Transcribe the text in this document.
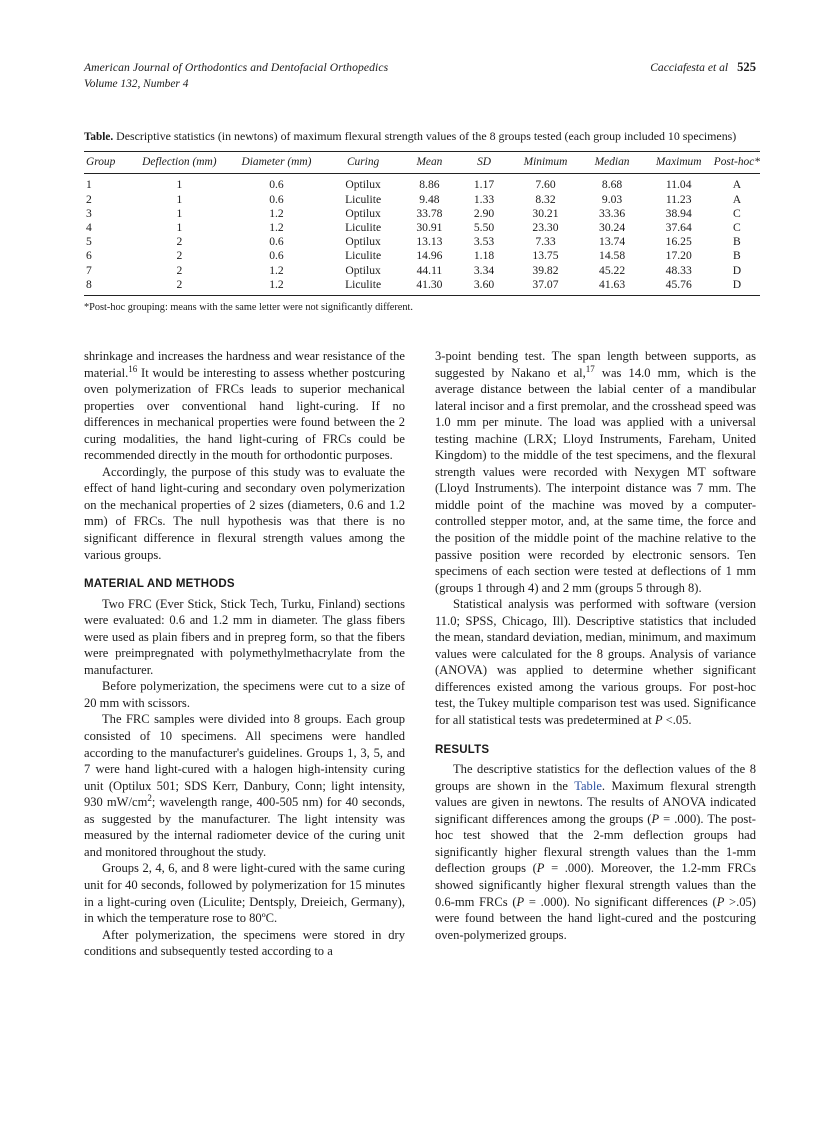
American Journal of Orthodontics and Dentofacial Orthopedics	Cacciafesta et al 525
Volume 132, Number 4
Table. Descriptive statistics (in newtons) of maximum flexural strength values of the 8 groups tested (each group included 10 specimens)
Group	Deflection (mm)	Diameter (mm)	Curing	Mean	SD	Minimum	Median	Maximum	Post-hoc*
1	1	0.6	Optilux	8.86	1.17	7.60	8.68	11.04	A
2	1	0.6	Liculite	9.48	1.33	8.32	9.03	11.23	A
3	1	1.2	Optilux	33.78	2.90	30.21	33.36	38.94	C
4	1	1.2	Liculite	30.91	5.50	23.30	30.24	37.64	C
5	2	0.6	Optilux	13.13	3.53	7.33	13.74	16.25	B
6	2	0.6	Liculite	14.96	1.18	13.75	14.58	17.20	B
7	2	1.2	Optilux	44.11	3.34	39.82	45.22	48.33	D
8	2	1.2	Liculite	41.30	3.60	37.07	41.63	45.76	D
*Post-hoc grouping: means with the same letter were not significantly different.

shrinkage and increases the hardness and wear resistance of the material.$^{16}$ It would be interesting to assess whether postcuring oven polymerization of FRCs leads to superior mechanical properties over conventional hand light-curing. If no differences in mechanical properties were found between the 2 curing modalities, the hand light-curing of FRCs could be recommended directly in the mouth for orthodontic purposes.

Accordingly, the purpose of this study was to evaluate the effect of hand light-curing and secondary oven polymerization on the mechanical properties of 2 sizes (diameters, 0.6 and 1.2 mm) of FRCs. The null hypothesis was that there is no significant difference in flexural strength values among the various groups.

MATERIAL AND METHODS

Two FRC (Ever Stick, Stick Tech, Turku, Finland) sections were evaluated: 0.6 and 1.2 mm in diameter. The glass fibers were used as plain fibers and in prepreg form, so that the fibers were preimpregnated with polymethylmethacrylate from the manufacturer.

Before polymerization, the specimens were cut to a size of 20 mm with scissors.

The FRC samples were divided into 8 groups. Each group consisted of 10 specimens. All specimens were handled according to the manufacturer's guidelines. Groups 1, 3, 5, and 7 were hand light-cured with a halogen high-intensity curing unit (Optilux 501; SDS Kerr, Danbury, Conn; light intensity, 930 $mW/cm^2$; wavelength range, 400-505 nm) for 40 seconds, as suggested by the manufacturer. The light intensity was measured by the internal radiometer device of the curing unit and monitored throughout the study.

Groups 2, 4, 6, and 8 were light-cured with the same curing unit for 40 seconds, followed by polymerization for 15 minutes in a light-curing oven (Liculite; Dentsply, Dreieich, Germany), in which the temperature rose to 80ºC.

After polymerization, the specimens were stored in dry conditions and subsequently tested according to a

3-point bending test. The span length between supports, as suggested by Nakano et al,$^{17}$ was 14.0 mm, which is the average distance between the labial center of a mandibular lateral incisor and a first premolar, and the crosshead speed was 1.0 mm per minute. The load was applied with a universal testing machine (LRX; Lloyd Instruments, Fareham, United Kingdom) to the middle of the test specimens, and the flexural strength values were recorded with Nexygen MT software (Lloyd Instruments). The interpoint distance was 7 mm. The middle point of the machine was moved by a computer-controlled stepper motor, and, at the same time, the force and the position of the middle point of the machine relative to the passive position were recorded by electronic sensors. Ten specimens of each section were tested at deflections of 1 mm (groups 1 through 4) and 2 mm (groups 5 through 8).

Statistical analysis was performed with software (version 11.0; SPSS, Chicago, Ill). Descriptive statistics that included the mean, standard deviation, median, minimum, and maximum values were calculated for the 8 groups. Analysis of variance (ANOVA) was applied to determine whether significant differences existed among the various groups. For post-hoc test, the Tukey multiple comparison test was used. Significance for all statistical tests was predetermined at P <.05.

RESULTS

The descriptive statistics for the deflection values of the 8 groups are shown in the Table. Maximum flexural strength values are given in newtons. The results of ANOVA indicated significant differences among the groups (P = .000). The post-hoc test showed that the 2-mm deflection groups had significantly higher flexural strength values than the 1-mm deflection groups (P = .000). Moreover, the 1.2-mm FRCs showed significantly higher flexural strength values than the 0.6-mm FRCs (P = .000). No significant differences (P >.05) were found between the hand light-cured and the postcuring oven-polymerized groups.
